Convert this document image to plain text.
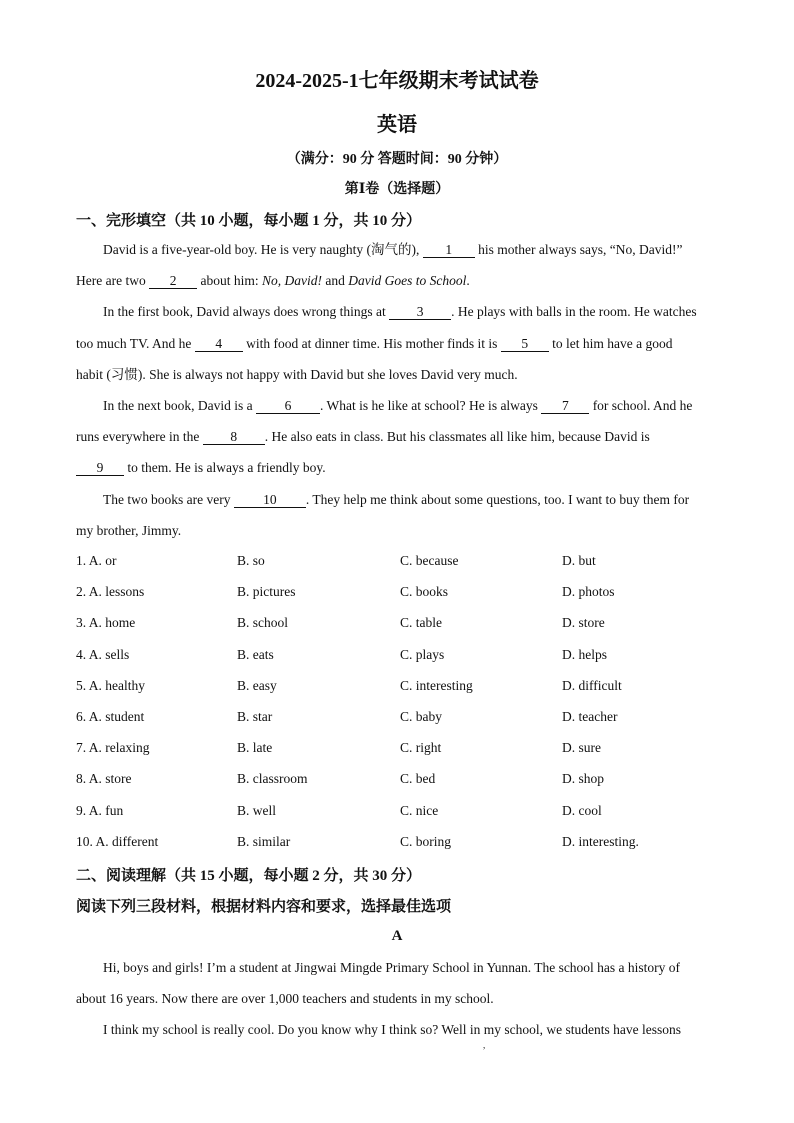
2024-2025-1七年级期末考试试卷
英语
（满分：90 分 答题时间：90 分钟）
第Ⅰ卷（选择题）
一、完形填空（共 10 小题，每小题 1 分，共 10 分）
David is a five-year-old boy. He is very naughty (淘气的), 1 his mother always says, “No, David!”
Here are two 2 about him: No, David! and David Goes to School.
In the first book, David always does wrong things at 3 . He plays with balls in the room. He watches
too much TV. And he 4 with food at dinner time. His mother finds it is 5 to let him have a good
habit (习惯). She is always not happy with David but she loves David very much.
In the next book, David is a 6 . What is he like at school? He is always 7 for school. And he
runs everywhere in the 8 . He also eats in class. But his classmates all like him, because David is
9 to them. He is always a friendly boy.
The two books are very 10 . They help me think about some questions, too. I want to buy them for
my brother, Jimmy.
1. A. or	B. so	C. because	D. but
2. A. lessons	B. pictures	C. books	D. photos
3. A. home	B. school	C. table	D. store
4. A. sells	B. eats	C. plays	D. helps
5. A. healthy	B. easy	C. interesting	D. difficult
6. A. student	B. star	C. baby	D. teacher
7. A. relaxing	B. late	C. right	D. sure
8. A. store	B. classroom	C. bed	D. shop
9. A. fun	B. well	C. nice	D. cool
10. A. different	B. similar	C. boring	D. interesting.
二、阅读理解（共 15 小题，每小题 2 分，共 30 分）
阅读下列三段材料，根据材料内容和要求，选择最佳选项
A
Hi, boys and girls! I’m a student at Jingwai Mingde Primary School in Yunnan. The school has a history of
about 16 years. Now there are over 1,000 teachers and students in my school.
I think my school is really cool. Do you know why I think so? Well in my school, we students have lessons
,
